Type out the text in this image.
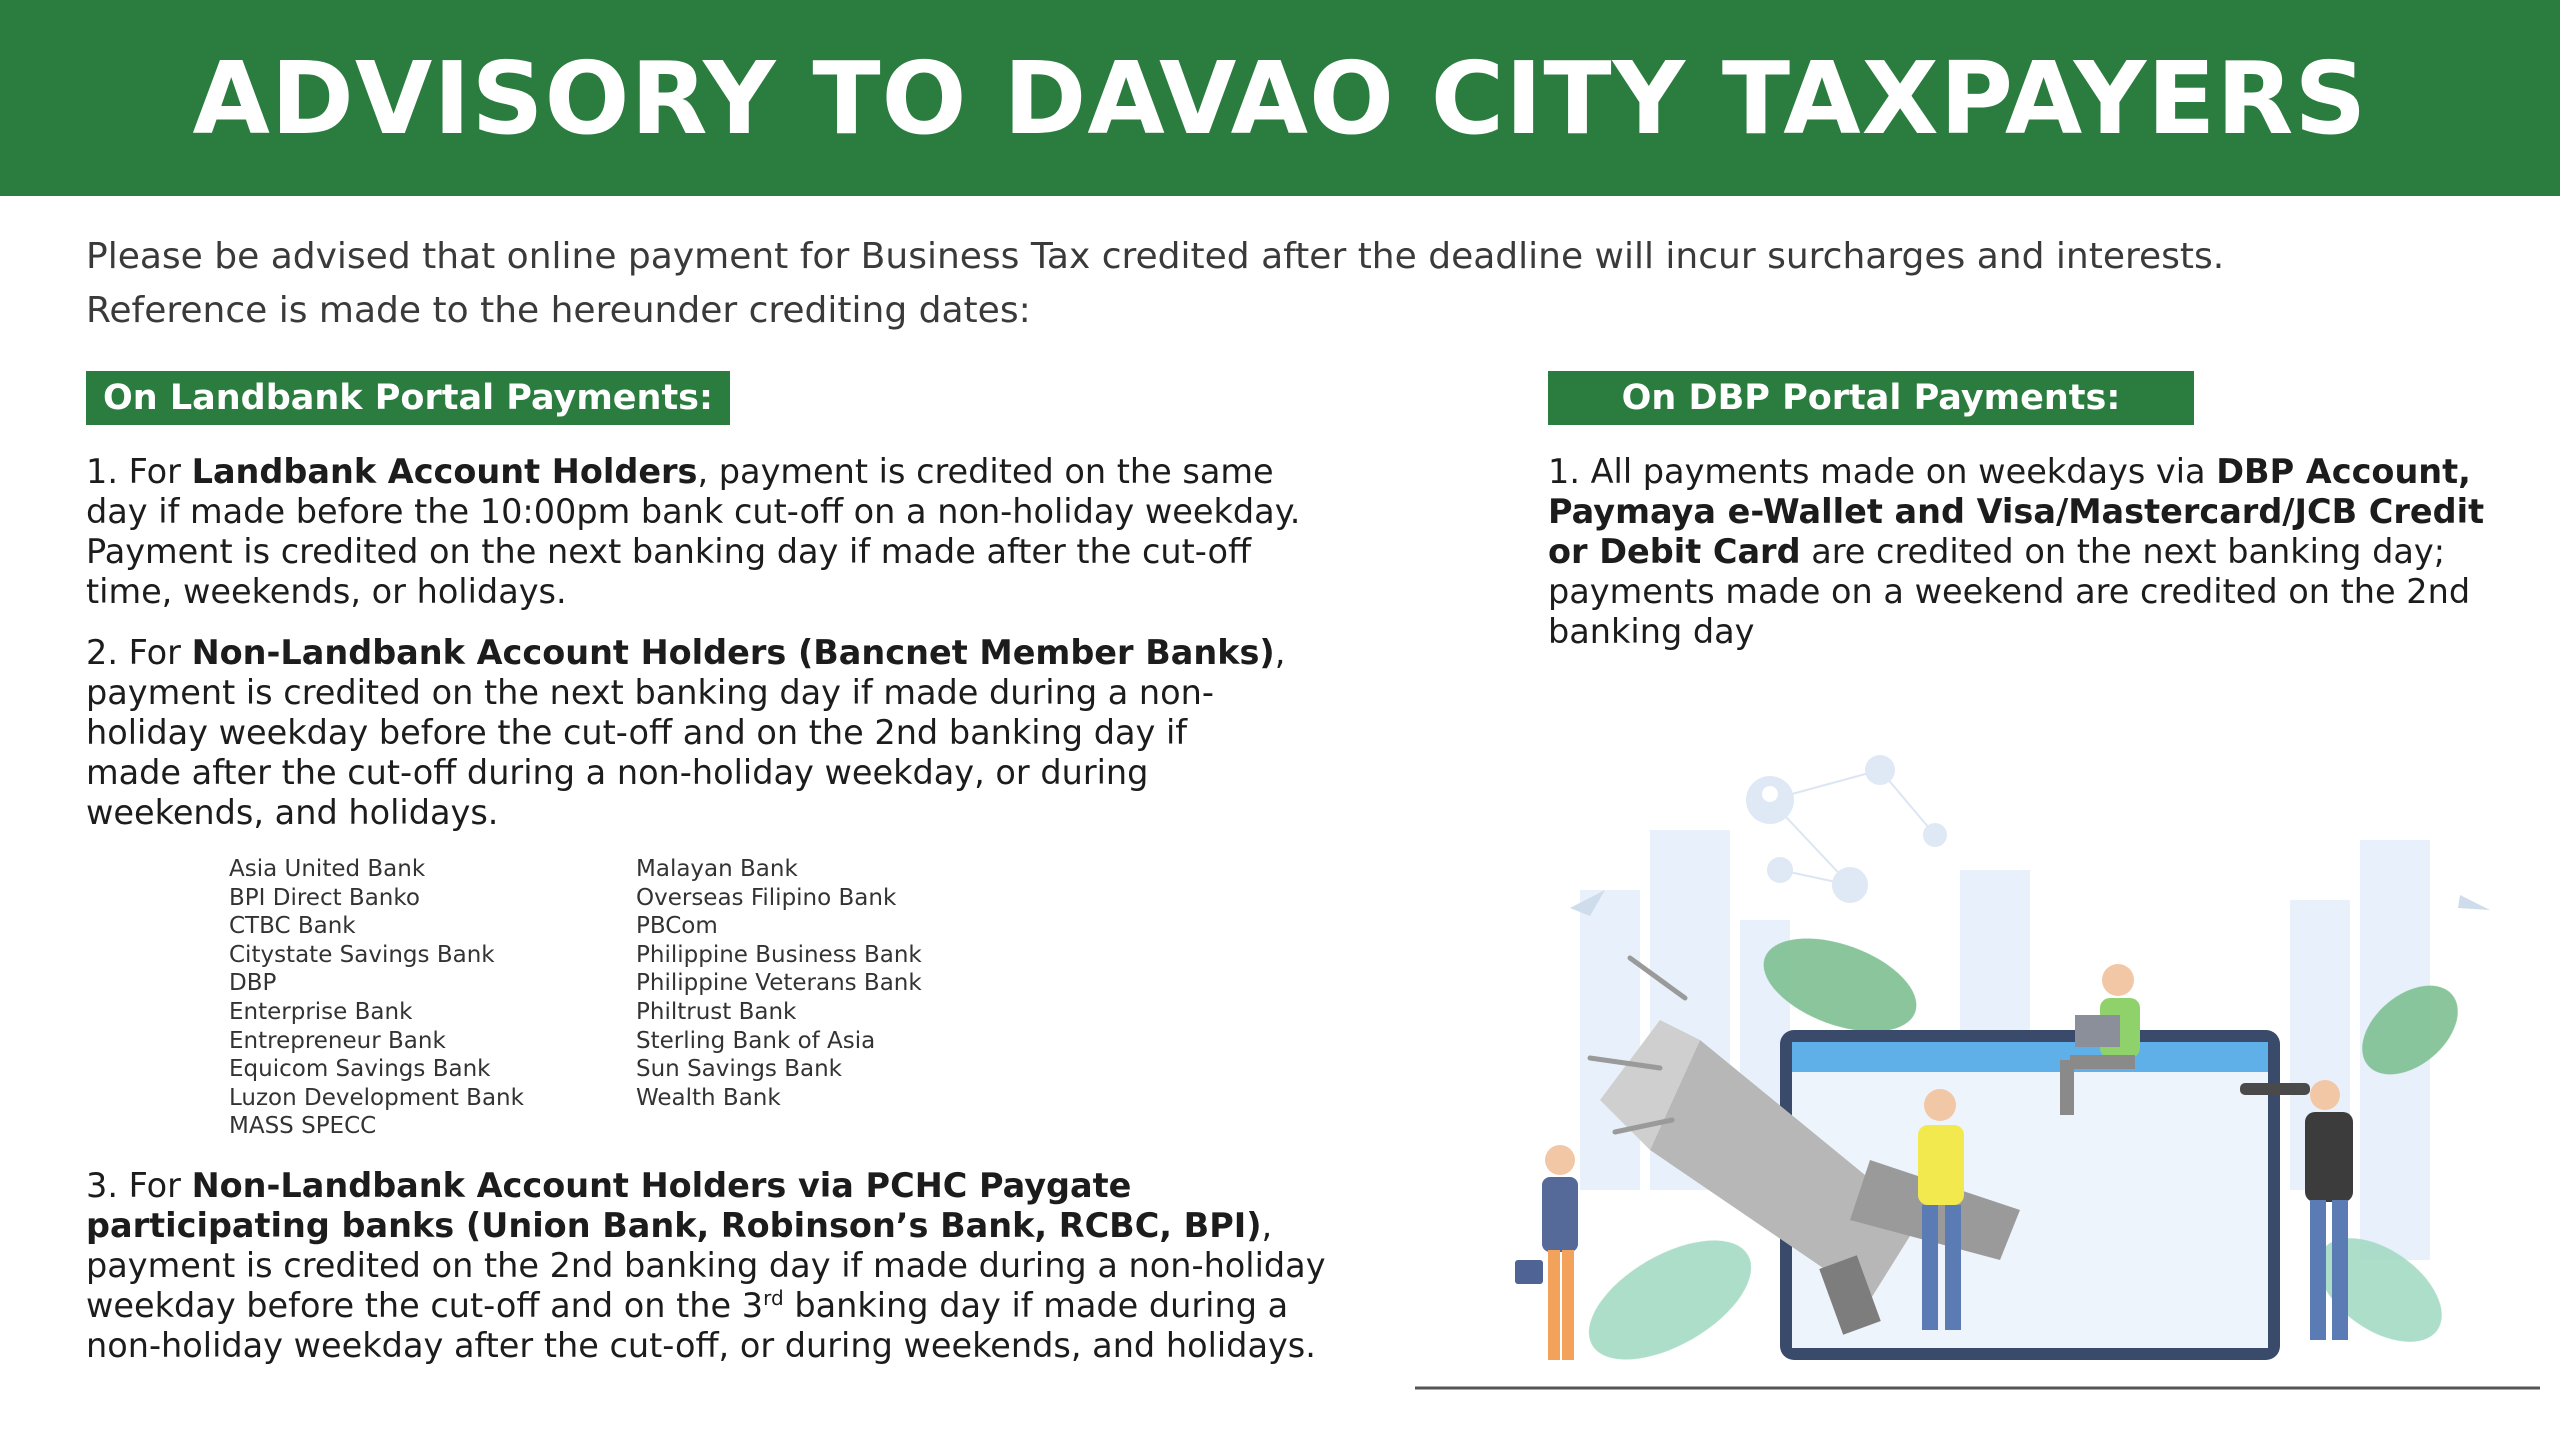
ADVISORY TO DAVAO CITY TAXPAYERS

Please be advised that online payment for Business Tax credited after the deadline will incur surcharges and interests.

Reference is made to the hereunder crediting dates:

On Landbank Portal Payments:	On DBP Portal Payments:
1. For Landbank Account Holders, payment is credited on the same day if made before the 10:00pm bank cut-off on a non-holiday weekday. Payment is credited on the next banking day if made after the cut-off time, weekends, or holidays.
2. For Non-Landbank Account Holders (Bancnet Member Banks), payment is credited on the next banking day if made during a non-holiday weekday before the cut-off and on the 2nd banking day if made after the cut-off during a non-holiday weekday, or during weekends, and holidays.
Asia United Bank
BPI Direct Banko
CTBC Bank
Citystate Savings Bank
DBP
Enterprise Bank
Entrepreneur Bank
Equicom Savings Bank
Luzon Development Bank
MASS SPECC
Malayan Bank
Overseas Filipino Bank
PBCom
Philippine Business Bank
Philippine Veterans Bank
Philtrust Bank
Sterling Bank of Asia
Sun Savings Bank
Wealth Bank
3. For Non-Landbank Account Holders via PCHC Paygate participating banks (Union Bank, Robinson’s Bank, RCBC, BPI), payment is credited on the 2nd banking day if made during a non-holiday weekday before the cut-off and on the 3rd banking day if made during a non-holiday weekday after the cut-off, or during weekends, and holidays.
1. All payments made on weekdays via DBP Account, Paymaya e-Wallet and Visa/Mastercard/JCB Credit or Debit Card are credited on the next banking day; payments made on a weekend are credited on the 2nd banking day
